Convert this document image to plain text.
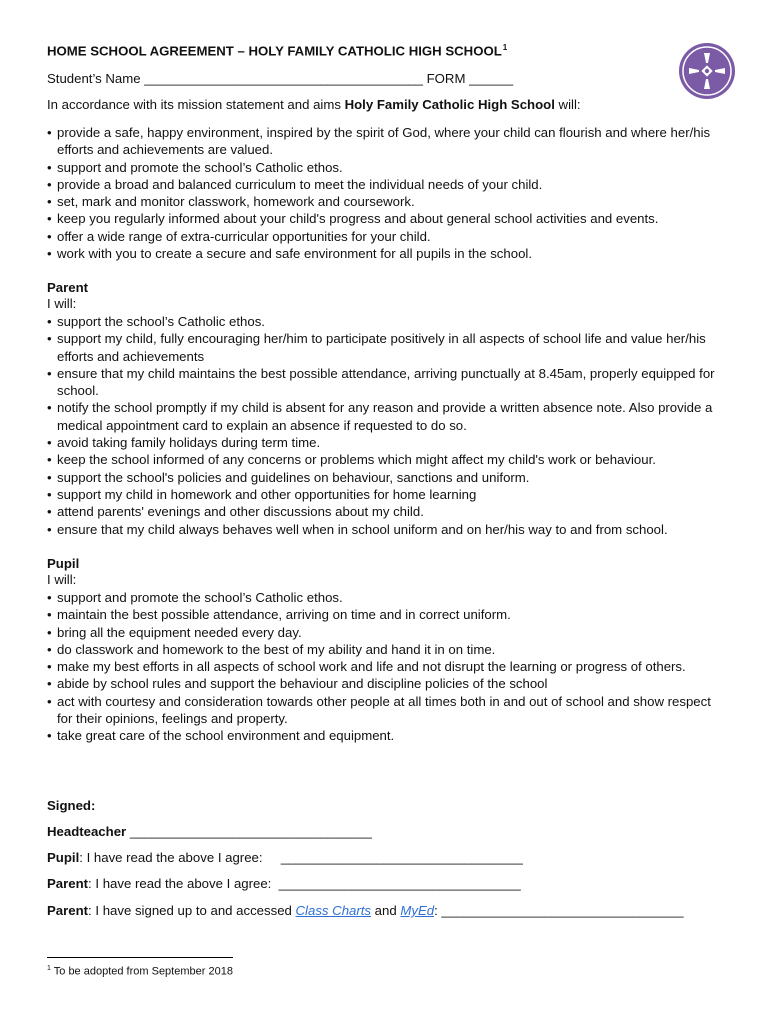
HOME SCHOOL AGREEMENT – HOLY FAMILY CATHOLIC HIGH SCHOOL$^1$
Student’s Name ______________________________________ FORM ______
In accordance with its mission statement and aims Holy Family Catholic High School will:
• provide a safe, happy environment, inspired by the spirit of God, where your child can flourish and where her/his efforts and achievements are valued.
• support and promote the school’s Catholic ethos.
• provide a broad and balanced curriculum to meet the individual needs of your child.
• set, mark and monitor classwork, homework and coursework.
• keep you regularly informed about your child's progress and about general school activities and events.
• offer a wide range of extra-curricular opportunities for your child.
• work with you to create a secure and safe environment for all pupils in the school.
Parent
I will:
• support the school’s Catholic ethos.
• support my child, fully encouraging her/him to participate positively in all aspects of school life and value her/his efforts and achievements
• ensure that my child maintains the best possible attendance, arriving punctually at 8.45am, properly equipped for school.
• notify the school promptly if my child is absent for any reason and provide a written absence note. Also provide a medical appointment card to explain an absence if requested to do so.
• avoid taking family holidays during term time.
• keep the school informed of any concerns or problems which might affect my child's work or behaviour.
• support the school's policies and guidelines on behaviour, sanctions and uniform.
• support my child in homework and other opportunities for home learning
• attend parents' evenings and other discussions about my child.
• ensure that my child always behaves well when in school uniform and on her/his way to and from school.
Pupil
I will:
• support and promote the school’s Catholic ethos.
• maintain the best possible attendance, arriving on time and in correct uniform.
• bring all the equipment needed every day.
• do classwork and homework to the best of my ability and hand it in on time.
• make my best efforts in all aspects of school work and life and not disrupt the learning or progress of others.
• abide by school rules and support the behaviour and discipline policies of the school
• act with courtesy and consideration towards other people at all times both in and out of school and show respect for their opinions, feelings and property.
• take great care of the school environment and equipment.
Signed:
Headteacher _________________________________
Pupil: I have read the above I agree:     _________________________________
Parent: I have read the above I agree:  _________________________________
Parent: I have signed up to and accessed Class Charts and MyEd: _________________________________
$^1$ To be adopted from September 2018
